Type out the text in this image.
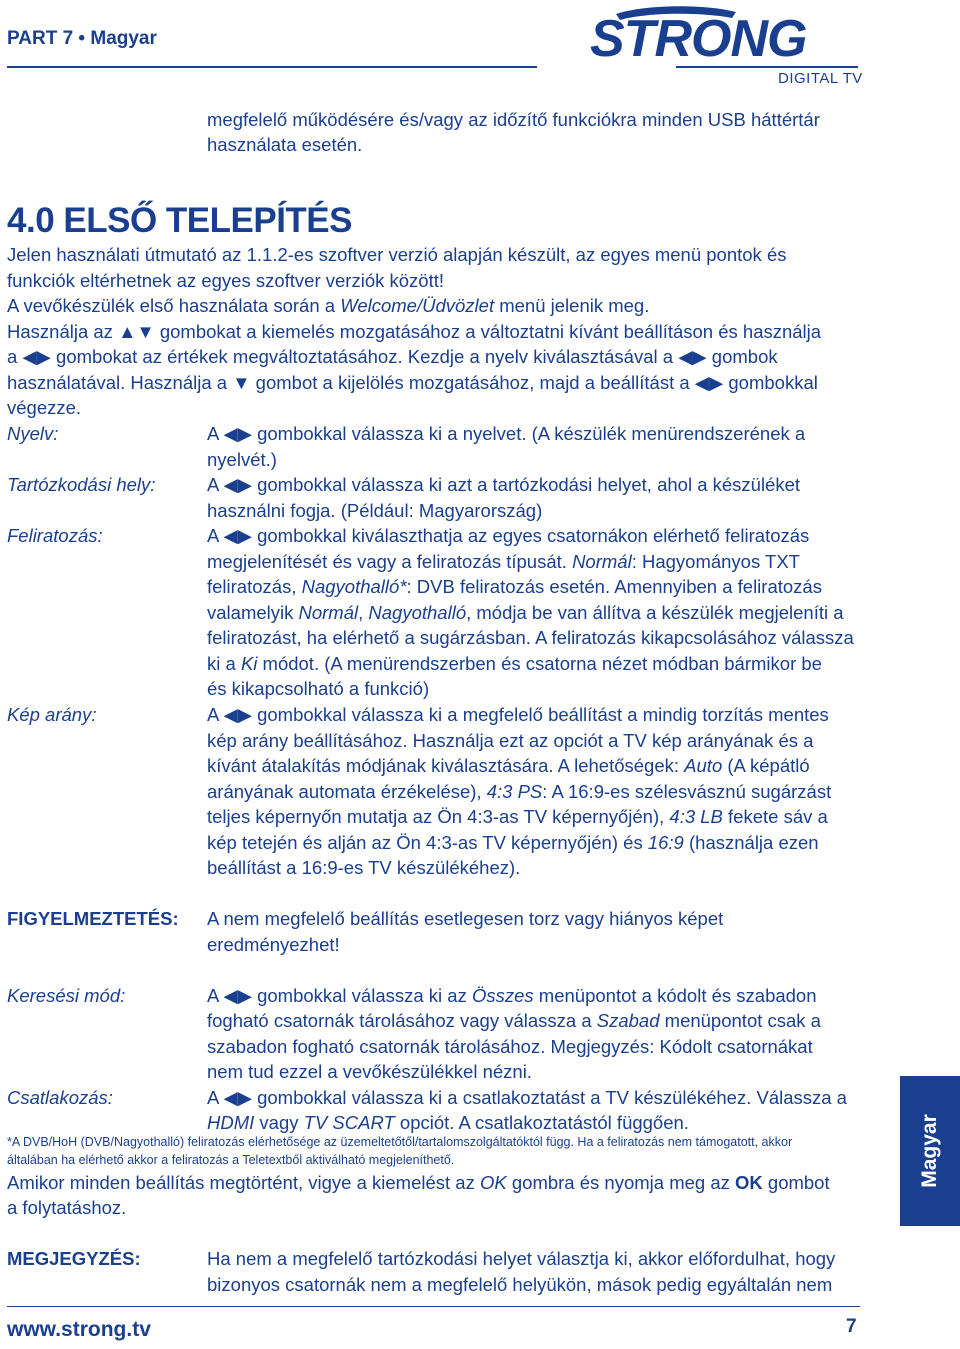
PART 7 • Magyar	STRONG
DIGITAL TV
megfelelő működésére és/vagy az időzítő funkciókra minden USB háttértár
használata esetén.
4.0 ELSŐ TELEPÍTÉS
Jelen használati útmutató az 1.1.2-es szoftver verzió alapján készült, az egyes menü pontok és
funkciók eltérhetnek az egyes szoftver verziók között!
A vevőkészülék első használata során a Welcome/Üdvözlet menü jelenik meg.
Használja az ▲▼ gombokat a kiemelés mozgatásához a változtatni kívánt beállításon és használja
a ◀▶ gombokat az értékek megváltoztatásához. Kezdje a nyelv kiválasztásával a ◀▶ gombok
használatával. Használja a ▼ gombot a kijelölés mozgatásához, majd a beállítást a ◀▶ gombokkal
végezze.
Nyelv:	A ◀▶ gombokkal válassza ki a nyelvet. (A készülék menürendszerének a
nyelvét.)
Tartózkodási hely:	A ◀▶ gombokkal válassza ki azt a tartózkodási helyet, ahol a készüléket
használni fogja. (Például: Magyarország)
Feliratozás:	A ◀▶ gombokkal kiválaszthatja az egyes csatornákon elérhető feliratozás
megjelenítését és vagy a feliratozás típusát. Normál: Hagyományos TXT
feliratozás, Nagyothalló*: DVB feliratozás esetén. Amennyiben a feliratozás
valamelyik Normál, Nagyothalló, módja be van állítva a készülék megjeleníti a
feliratozást, ha elérhető a sugárzásban. A feliratozás kikapcsolásához válassza
ki a Ki módot. (A menürendszerben és csatorna nézet módban bármikor be
és kikapcsolható a funkció)
Kép arány:	A ◀▶ gombokkal válassza ki a megfelelő beállítást a mindig torzítás mentes
kép arány beállításához. Használja ezt az opciót a TV kép arányának és a
kívánt átalakítás módjának kiválasztására. A lehetőségek: Auto (A képátló
arányának automata érzékelése), 4:3 PS: A 16:9-es szélesvásznú sugárzást
teljes képernyőn mutatja az Ön 4:3-as TV képernyőjén), 4:3 LB fekete sáv a
kép tetején és alján az Ön 4:3-as TV képernyőjén) és 16:9 (használja ezen
beállítást a 16:9-es TV készülékéhez).
FIGYELMEZTETÉS: A nem megfelelő beállítás esetlegesen torz vagy hiányos képet
eredményezhet!
Keresési mód:	A ◀▶ gombokkal válassza ki az Összes menüpontot a kódolt és szabadon
fogható csatornák tárolásához vagy válassza a Szabad menüpontot csak a
szabadon fogható csatornák tárolásához. Megjegyzés: Kódolt csatornákat
nem tud ezzel a vevőkészülékkel nézni.
Csatlakozás:	A ◀▶ gombokkal válassza ki a csatlakoztatást a TV készülékéhez. Válassza a
HDMI vagy TV SCART opciót. A csatlakoztatástól függően.
*A DVB/HoH (DVB/Nagyothalló) feliratozás elérhetősége az üzemeltetőtől/tartalomszolgáltatóktól függ. Ha a feliratozás nem támogatott, akkor
általában ha elérhető akkor a feliratozás a Teletextből aktiválható megjeleníthető.
Amikor minden beállítás megtörtént, vigye a kiemelést az OK gombra és nyomja meg az OK gombot
a folytatáshoz.
MEGJEGYZÉS:	Ha nem a megfelelő tartózkodási helyet választja ki, akkor előfordulhat, hogy
bizonyos csatornák nem a megfelelő helyükön, mások pedig egyáltalán nem
www.strong.tv	7
Magyar
